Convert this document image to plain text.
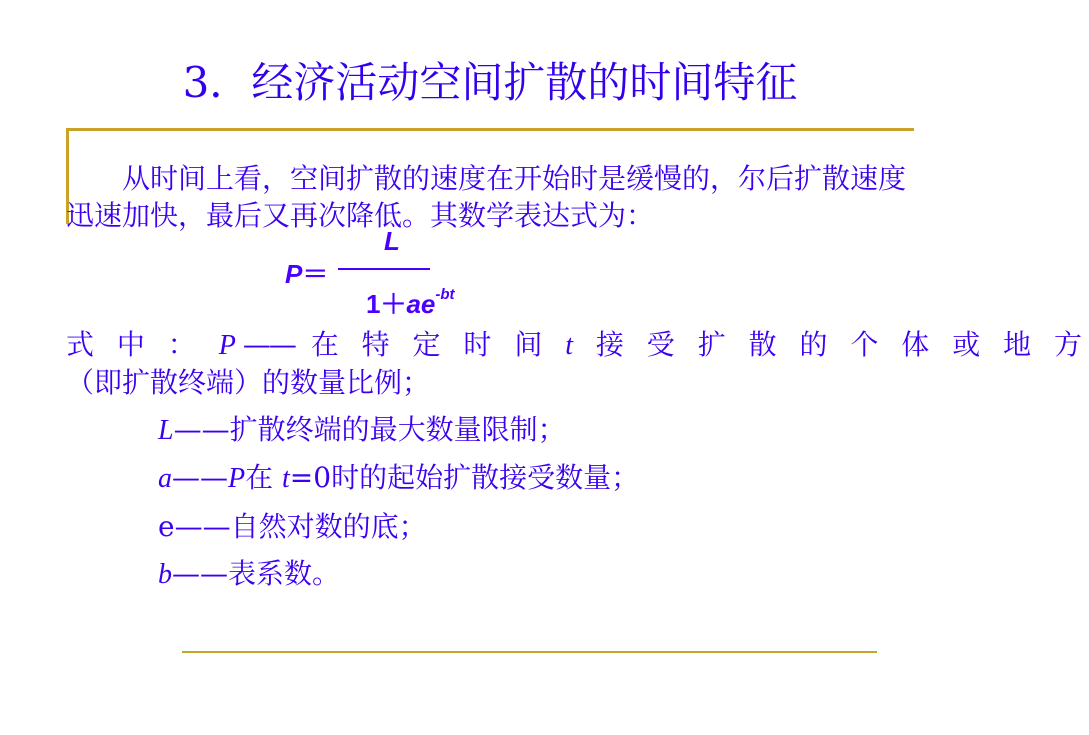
3．经济活动空间扩散的时间特征
从时间上看，空间扩散的速度在开始时是缓慢的，尔后扩散速度迅速加快，最后又再次降低。其数学表达式为：
L
P＝
$1+ae^{-bt}$
式 中 ： P—— 在 特 定 时 间 t 接 受 扩 散 的 个 体 或 地 方
（即扩散终端）的数量比例；
L——扩散终端的最大数量限制；
a——P在 t=0时的起始扩散接受数量；
e——自然对数的底；
b——表系数。
